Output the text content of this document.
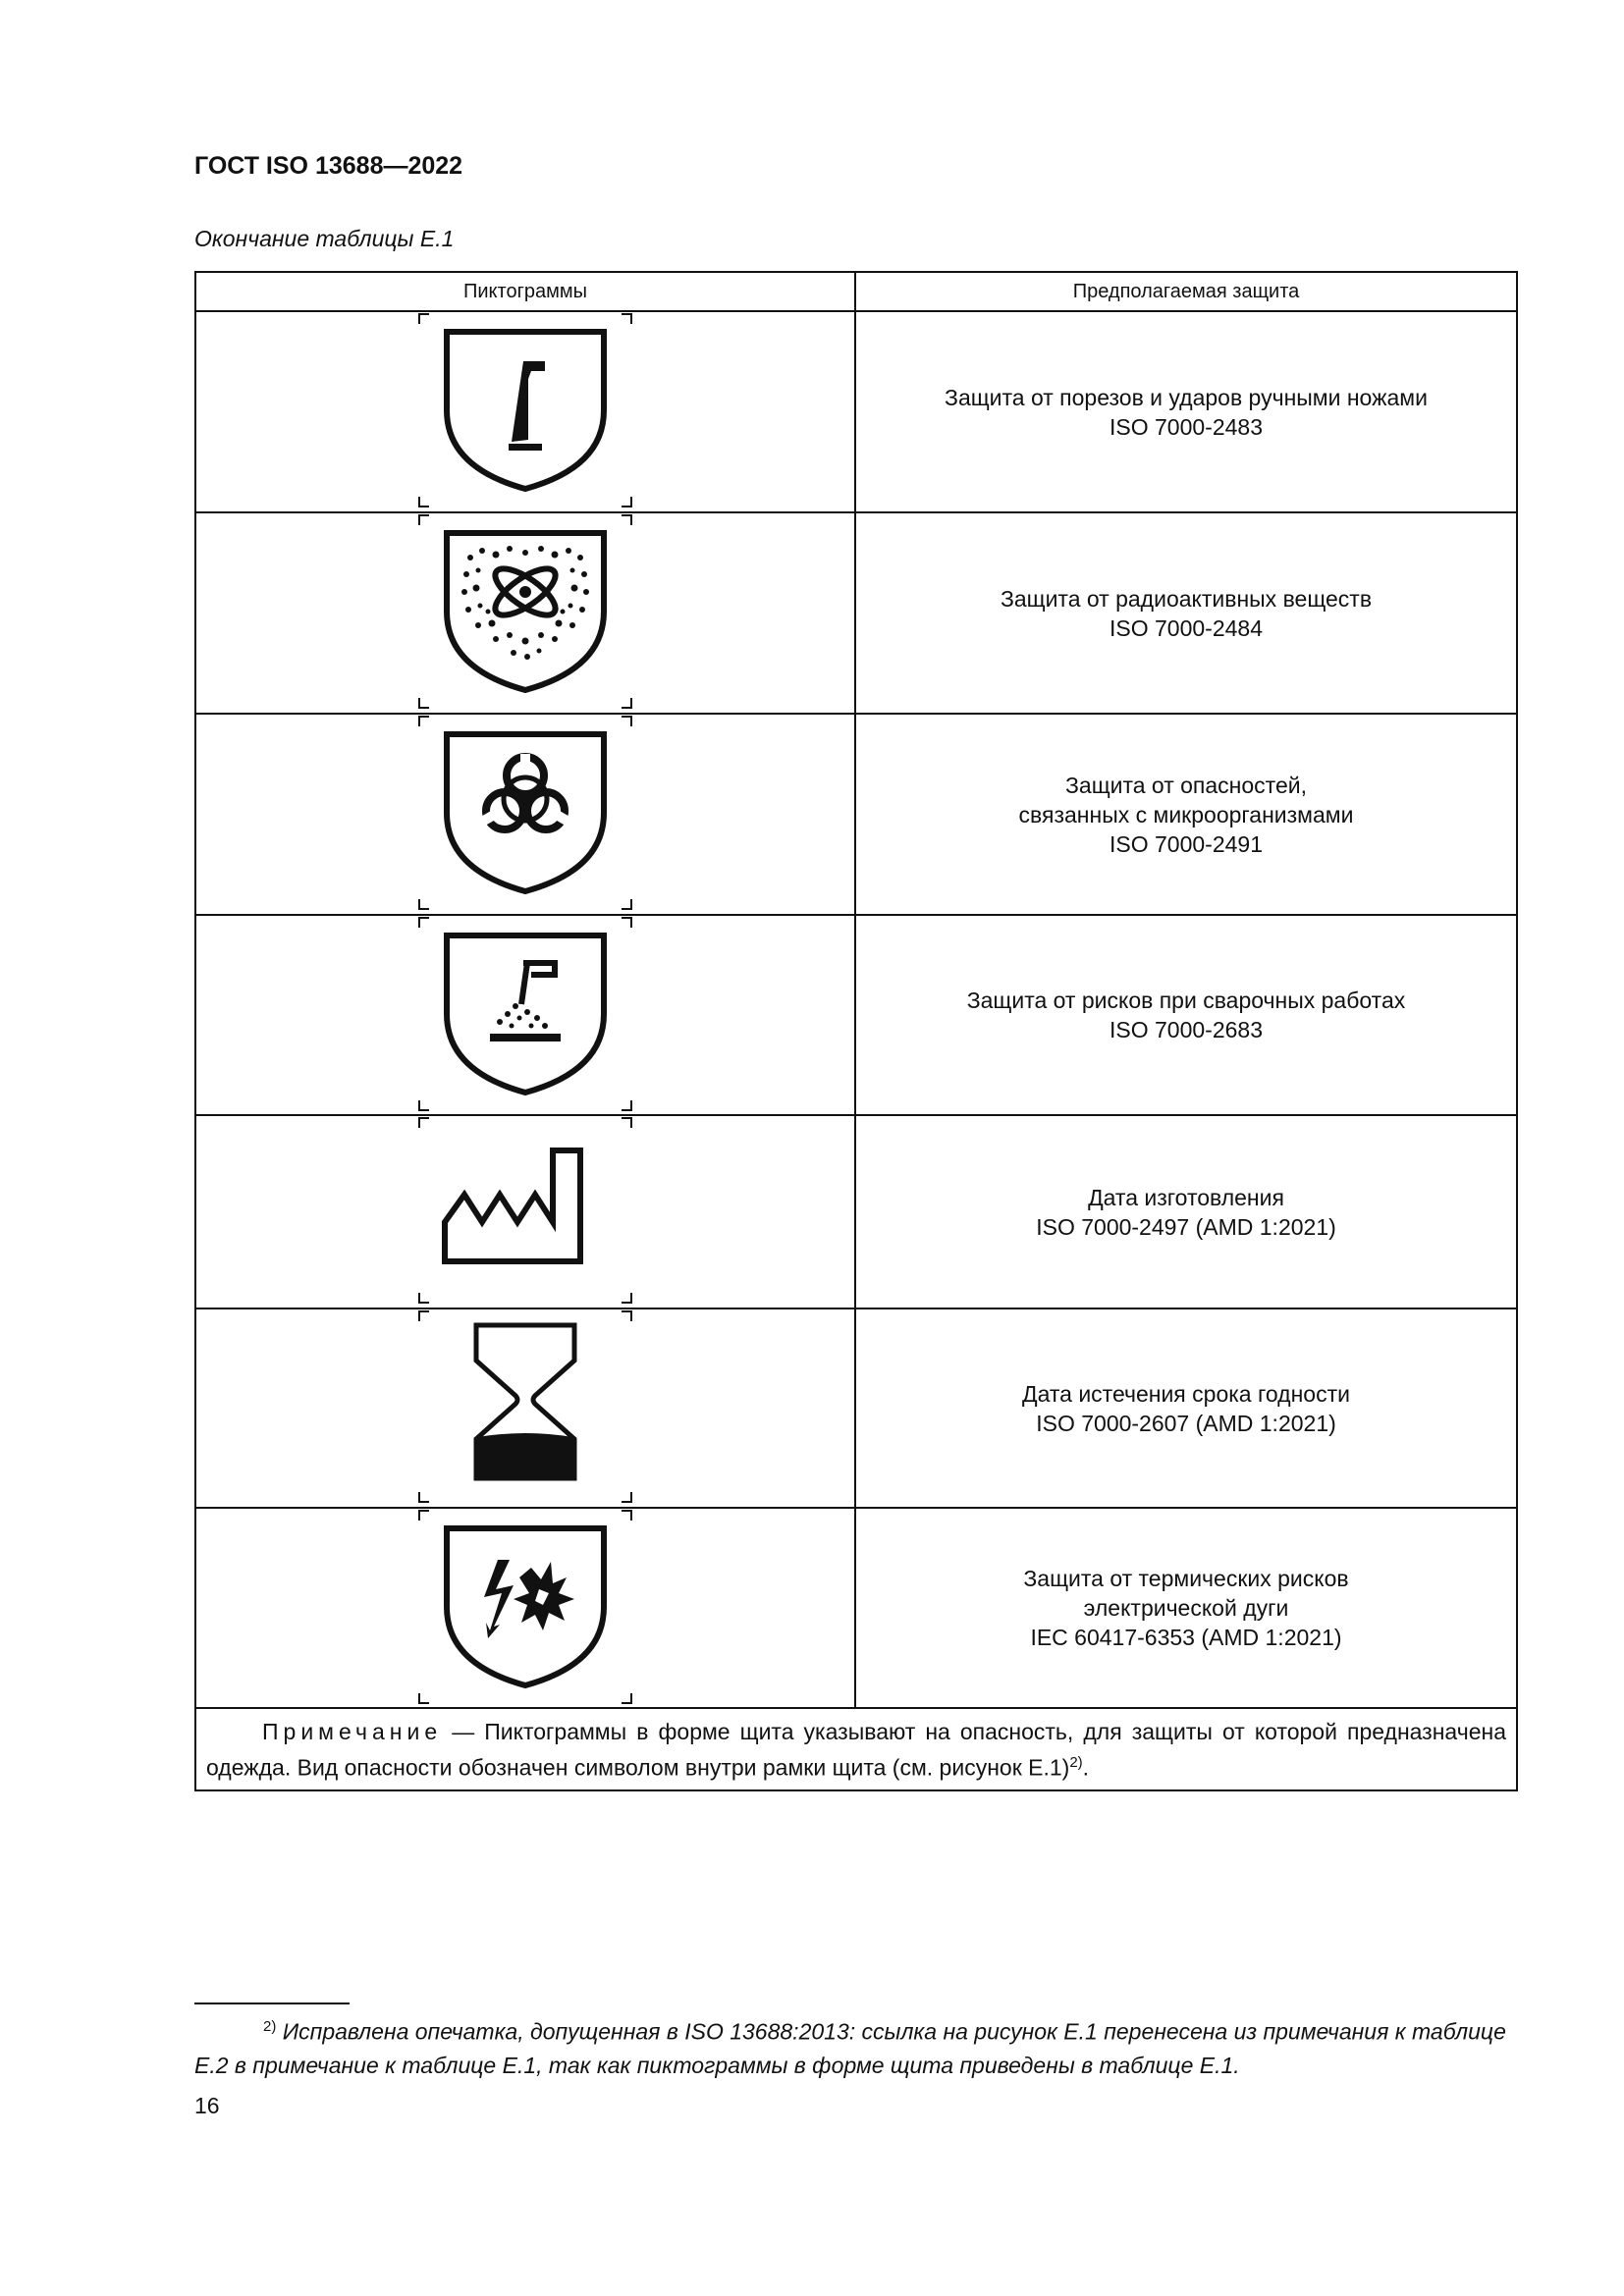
ГОСТ ISO 13688—2022
Окончание таблицы Е.1
Пиктограммы	Предполагаемая защита

Защита от порезов и ударов ручными ножами
ISO 7000-2483

Защита от радиоактивных веществ
ISO 7000-2484

Защита от опасностей,
связанных с микроорганизмами
ISO 7000-2491

Защита от рисков при сварочных работах
ISO 7000-2683

Дата изготовления
ISO 7000-2497 (AMD 1:2021)

Дата истечения срока годности
ISO 7000-2607 (AMD 1:2021)

Защита от термических рисков
электрической дуги
IEC 60417-6353 (AMD 1:2021)

Примечание — Пиктограммы в форме щита указывают на опасность, для защиты от которой предназначена одежда. Вид опасности обозначен символом внутри рамки щита (см. рисунок Е.1)$^{2)}$.	
$^{2)}$ Исправлена опечатка, допущенная в ISO 13688:2013: ссылка на рисунок Е.1 перенесена из примечания к таблице Е.2 в примечание к таблице Е.1, так как пиктограммы в форме щита приведены в таблице Е.1.
16
